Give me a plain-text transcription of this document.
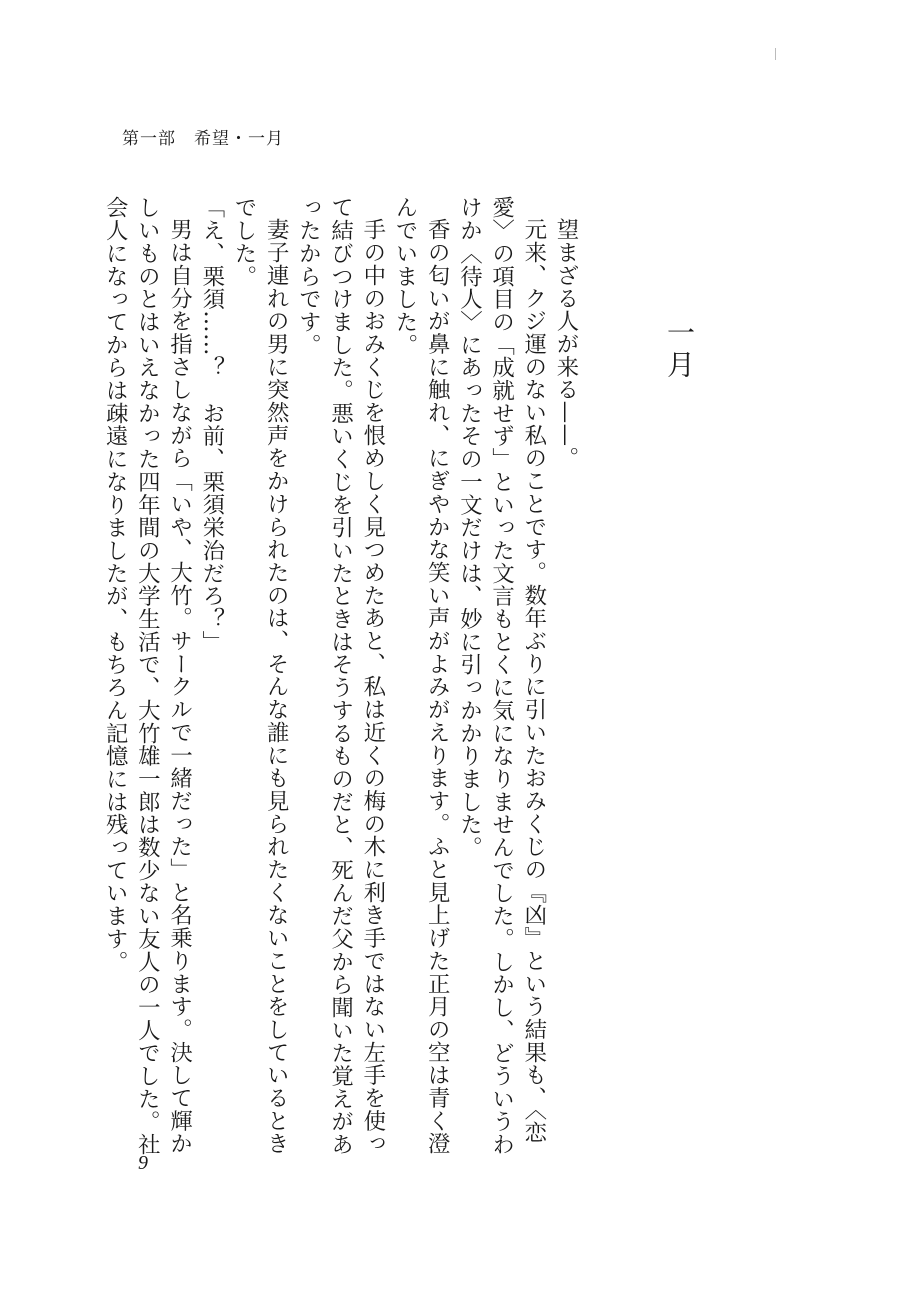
第一部　希望・一月
一月

望まざる人が来る——。

元来、クジ運のない私のことです。数年ぶりに引いたおみくじの『凶』という結果も、〈恋愛〉の項目の「成就せず」といった文言もとくに気になりませんでした。しかし、どういうわけか〈待人〉にあったその一文だけは、妙に引っかかりました。

香の匂いが鼻に触れ、にぎやかな笑い声がよみがえります。ふと見上げた正月の空は青く澄んでいました。

手の中のおみくじを恨めしく見つめたあと、私は近くの梅の木に利き手ではない左手を使って結びつけました。悪いくじを引いたときはそうするものだと、死んだ父から聞いた覚えがあったからです。

妻子連れの男に突然声をかけられたのは、そんな誰にも見られたくないことをしているときでした。

「え、栗須……？　お前、栗須栄治だろ？」

男は自分を指さしながら「いや、大竹。サークルで一緒だった」と名乗ります。決して輝かしいものとはいえなかった四年間の大学生活で、大竹雄一郎は数少ない友人の一人でした。社会人になってからは疎遠になりましたが、もちろん記憶には残っています。

9
